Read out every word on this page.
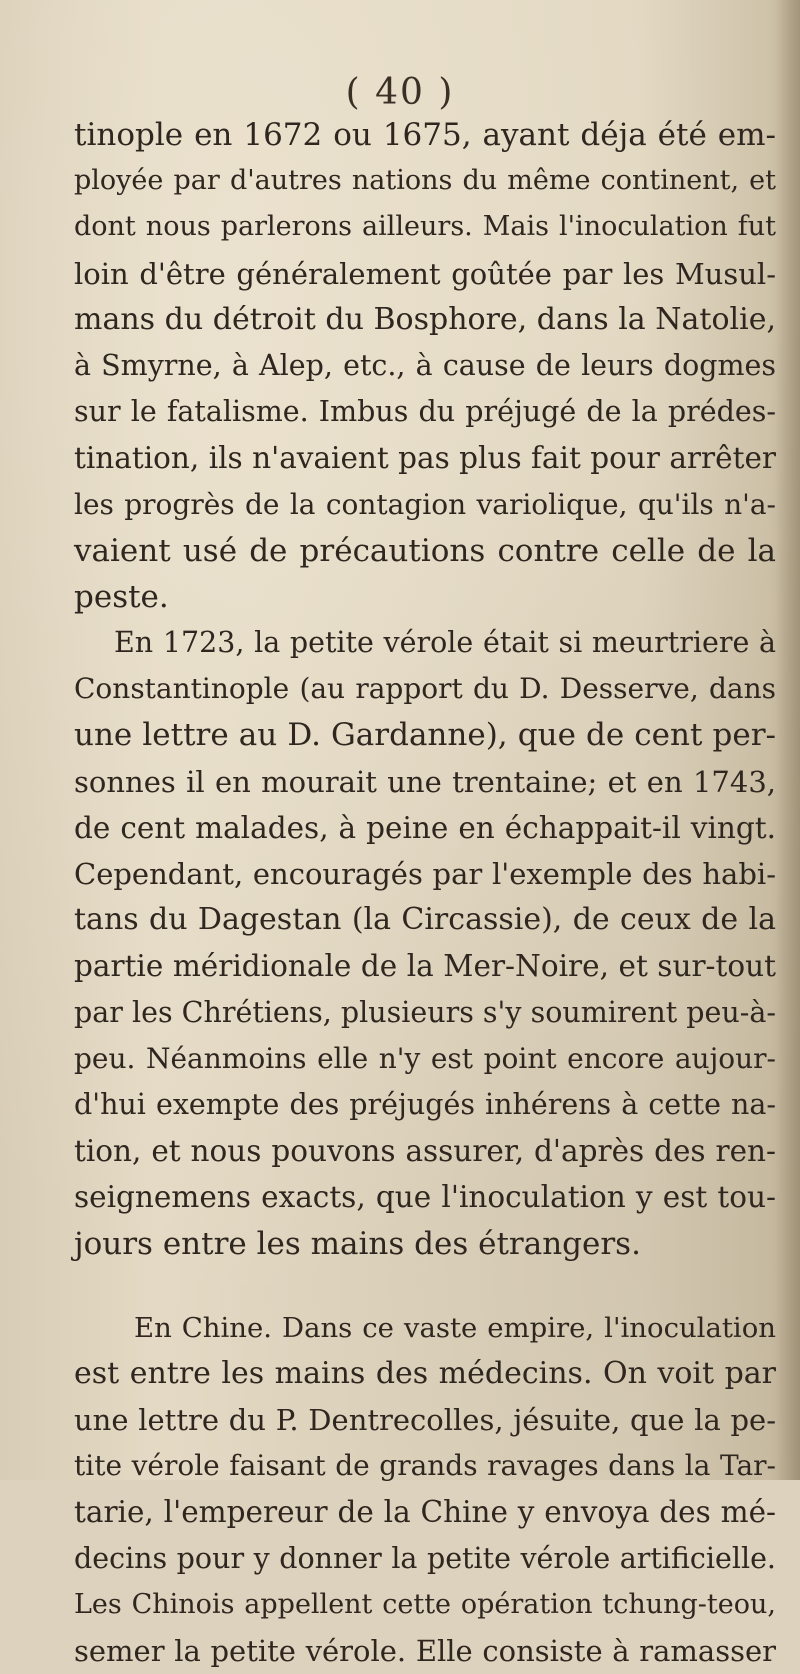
( 40 )
tinople en 1672 ou 1675, ayant déja été em-
ployée par d'autres nations du même continent, et
dont nous parlerons ailleurs. Mais l'inoculation fut
loin d'être généralement goûtée par les Musul-
mans du détroit du Bosphore, dans la Natolie,
à Smyrne, à Alep, etc., à cause de leurs dogmes
sur le fatalisme. Imbus du préjugé de la prédes-
tination, ils n'avaient pas plus fait pour arrêter
les progrès de la contagion variolique, qu'ils n'a-
vaient usé de précautions contre celle de la
peste.
En 1723, la petite vérole était si meurtriere à
Constantinople (au rapport du D. Desserve, dans
une lettre au D. Gardanne), que de cent per-
sonnes il en mourait une trentaine; et en 1743,
de cent malades, à peine en échappait-il vingt.
Cependant, encouragés par l'exemple des habi-
tans du Dagestan (la Circassie), de ceux de la
partie méridionale de la Mer-Noire, et sur-tout
par les Chrétiens, plusieurs s'y soumirent peu-à-
peu. Néanmoins elle n'y est point encore aujour-
d'hui exempte des préjugés inhérens à cette na-
tion, et nous pouvons assurer, d'après des ren-
seignemens exacts, que l'inoculation y est tou-
jours entre les mains des étrangers.
En Chine. Dans ce vaste empire, l'inoculation
est entre les mains des médecins. On voit par
une lettre du P. Dentrecolles, jésuite, que la pe-
tite vérole faisant de grands ravages dans la Tar-
tarie, l'empereur de la Chine y envoya des mé-
decins pour y donner la petite vérole artificielle.
Les Chinois appellent cette opération tchung-teou,
semer la petite vérole. Elle consiste à ramasser
